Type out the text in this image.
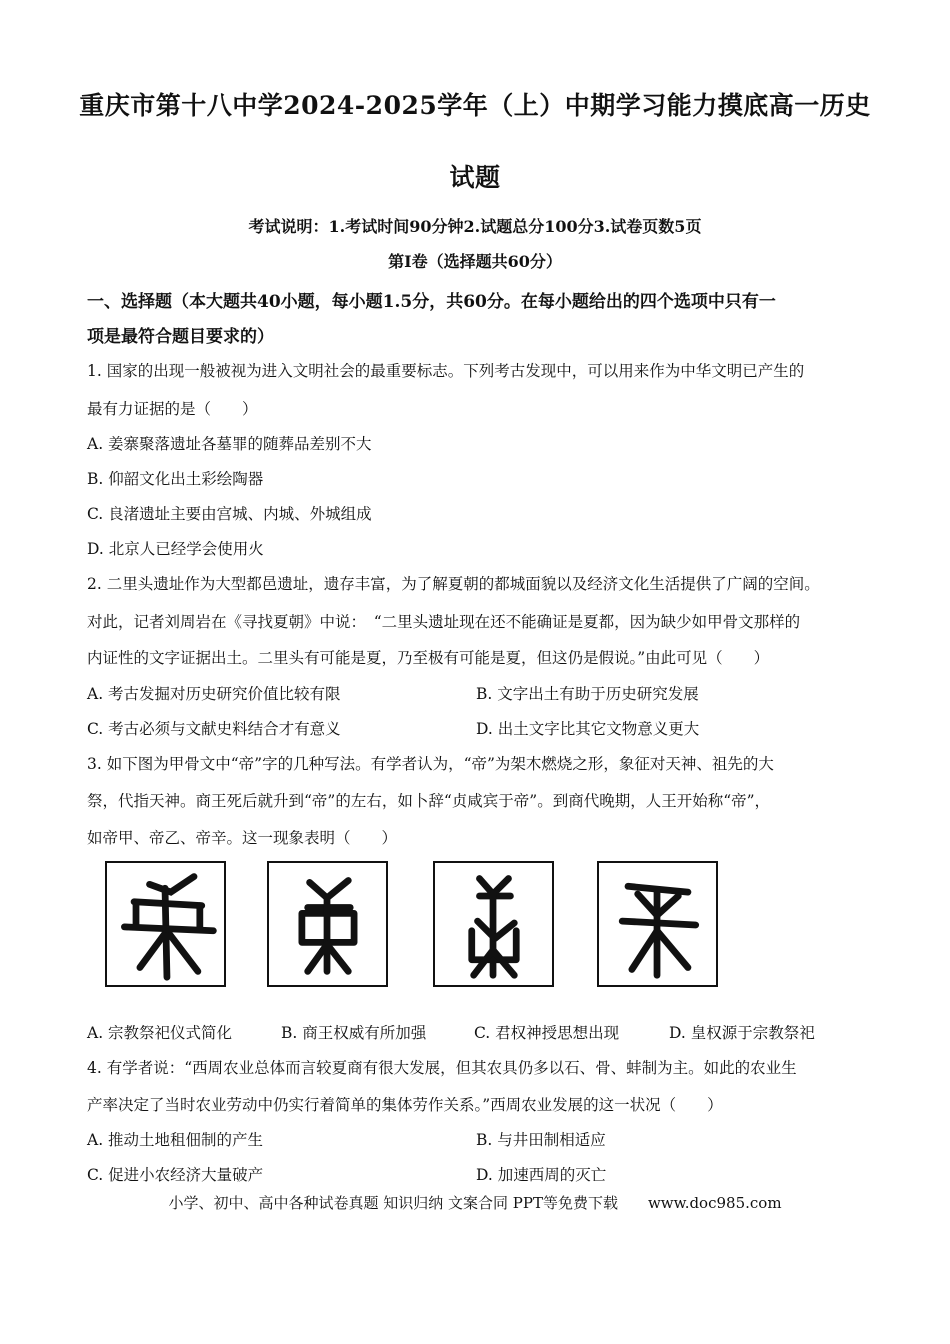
重庆市第十八中学2024-2025学年（上）中期学习能力摸底高一历史
试题
考试说明：1.考试时间90分钟2.试题总分100分3.试卷页数5页
第Ⅰ卷（选择题共60分）
一、选择题（本大题共40小题，每小题1.5分，共60分。在每小题给出的四个选项中只有一
项是最符合题目要求的）
1. 国家的出现一般被视为进入文明社会的最重要标志。下列考古发现中，可以用来作为中华文明已产生的
最有力证据的是（　　）
A. 姜寨聚落遗址各墓罪的随葬品差别不大
B. 仰韶文化出土彩绘陶器
C. 良渚遗址主要由宫城、内城、外城组成
D. 北京人已经学会使用火
2. 二里头遗址作为大型都邑遗址，遗存丰富，为了解夏朝的都城面貌以及经济文化生活提供了广阔的空间。
对此，记者刘周岩在《寻找夏朝》中说：　“二里头遗址现在还不能确证是夏都，因为缺少如甲骨文那样的
内证性的文字证据出土。二里头有可能是夏，乃至极有可能是夏，但这仍是假说。”由此可见（　　）
A. 考古发掘对历史研究价值比较有限	B. 文字出土有助于历史研究发展
C. 考古必须与文献史料结合才有意义	D. 出土文字比其它文物意义更大
3. 如下图为甲骨文中“帝”字的几种写法。有学者认为，“帝”为架木燃烧之形，象征对天神、祖先的大
祭，代指天神。商王死后就升到“帝”的左右，如卜辞“贞咸宾于帝”。到商代晚期，人王开始称“帝”，
如帝甲、帝乙、帝辛。这一现象表明（　　）
A. 宗教祭祀仪式简化	B. 商王权威有所加强	C. 君权神授思想出现	D. 皇权源于宗教祭祀
4. 有学者说：“西周农业总体而言较夏商有很大发展，但其农具仍多以石、骨、蚌制为主。如此的农业生
产率决定了当时农业劳动中仍实行着简单的集体劳作关系。”西周农业发展的这一状况（　　）
A. 推动土地租佃制的产生	B. 与井田制相适应
C. 促进小农经济大量破产	D. 加速西周的灭亡
小学、初中、高中各种试卷真题 知识归纳 文案合同 PPT等免费下载　　www.doc985.com
